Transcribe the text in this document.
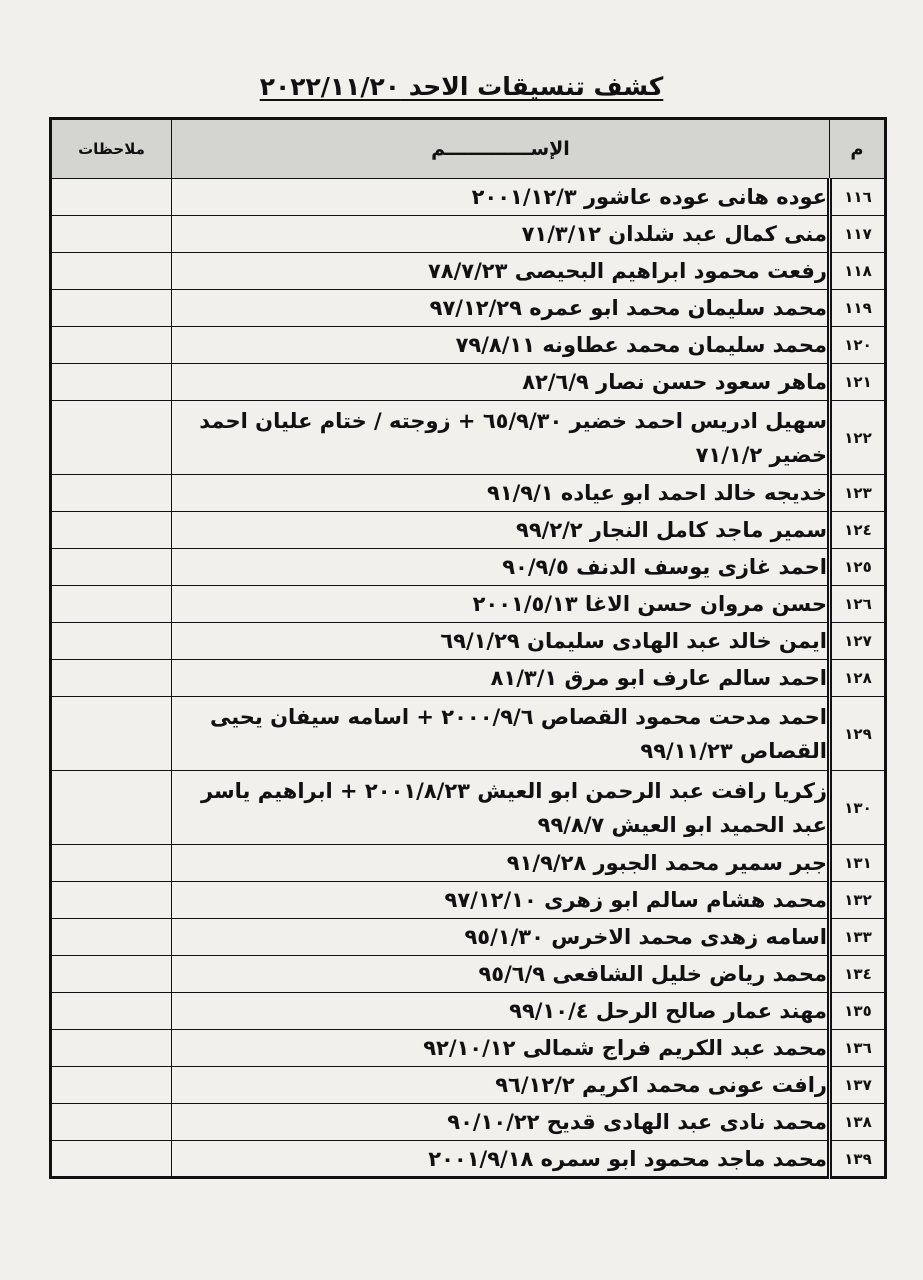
كشف تنسيقات الاحد ٢٠٢٢/١١/٢٠
م	الإســـــــــــــم	ملاحظات
١١٦	عوده هانى عوده عاشور ٢٠٠١/١٢/٣	
١١٧	منى كمال عبد شلدان ٧١/٣/١٢	
١١٨	رفعت محمود ابراهيم البحيصى ٧٨/٧/٢٣	
١١٩	محمد سليمان محمد ابو عمره ٩٧/١٢/٢٩	
١٢٠	محمد سليمان محمد عطاونه ٧٩/٨/١١	
١٢١	ماهر سعود حسن نصار ٨٢/٦/٩	
١٢٢	سهيل ادريس احمد خضير ٦٥/٩/٣٠ + زوجته / ختام عليان احمد خضير ٧١/١/٢	
١٢٣	خديجه خالد احمد ابو عياده ٩١/٩/١	
١٢٤	سمير ماجد كامل النجار ٩٩/٢/٢	
١٢٥	احمد غازى يوسف الدنف ٩٠/٩/٥	
١٢٦	حسن مروان حسن الاغا ٢٠٠١/٥/١٣	
١٢٧	ايمن خالد عبد الهادى سليمان ٦٩/١/٢٩	
١٢٨	احمد سالم عارف ابو مرق ٨١/٣/١	
١٢٩	احمد مدحت محمود القصاص ٢٠٠٠/٩/٦ + اسامه سيفان يحيى القصاص ٩٩/١١/٢٣	
١٣٠	زكريا رافت عبد الرحمن ابو العيش ٢٠٠١/٨/٢٣ + ابراهيم ياسر عبد الحميد ابو العيش ٩٩/٨/٧	
١٣١	جبر سمير محمد الجبور ٩١/٩/٢٨	
١٣٢	محمد هشام سالم ابو زهرى ٩٧/١٢/١٠	
١٣٣	اسامه زهدى محمد الاخرس ٩٥/١/٣٠	
١٣٤	محمد رياض خليل الشافعى ٩٥/٦/٩	
١٣٥	مهند عمار صالح الرحل ٩٩/١٠/٤	
١٣٦	محمد عبد الكريم فراج شمالى ٩٢/١٠/١٢	
١٣٧	رافت عونى محمد اكريم ٩٦/١٢/٢	
١٣٨	محمد نادى عبد الهادى قديح ٩٠/١٠/٢٢	
١٣٩	محمد ماجد محمود ابو سمره ٢٠٠١/٩/١٨	
